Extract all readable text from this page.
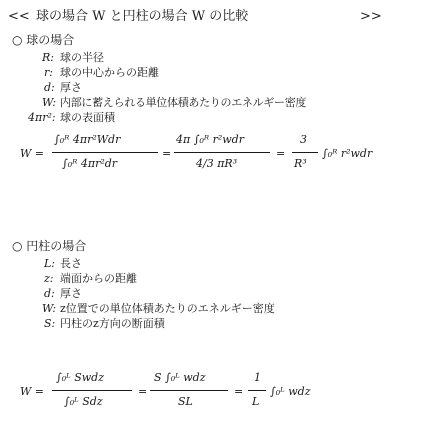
<< 球の場合 W と円柱の場合 W の比較	>>
○ 球の場合
R: 球の半径
r: 球の中心からの距離
d: 厚さ
W: 内部に蓄えられる単位体積あたりのエネルギー密度
4πr²: 球の表面積
W =
∫₀ᴿ 4πr²Wdr
∫₀ᴿ 4πr²dr
=
4π ∫₀ᴿ r²wdr
4/3 πR³
=
3
R³
∫₀ᴿ r²wdr
○ 円柱の場合
L: 長さ
z: 端面からの距離
d: 厚さ
W: z位置での単位体積あたりのエネルギー密度
S: 円柱のz方向の断面積
W =
∫₀ᴸ Swdz
∫₀ᴸ Sdz
=
S ∫₀ᴸ wdz
SL
=
1
L
∫₀ᴸ wdz
